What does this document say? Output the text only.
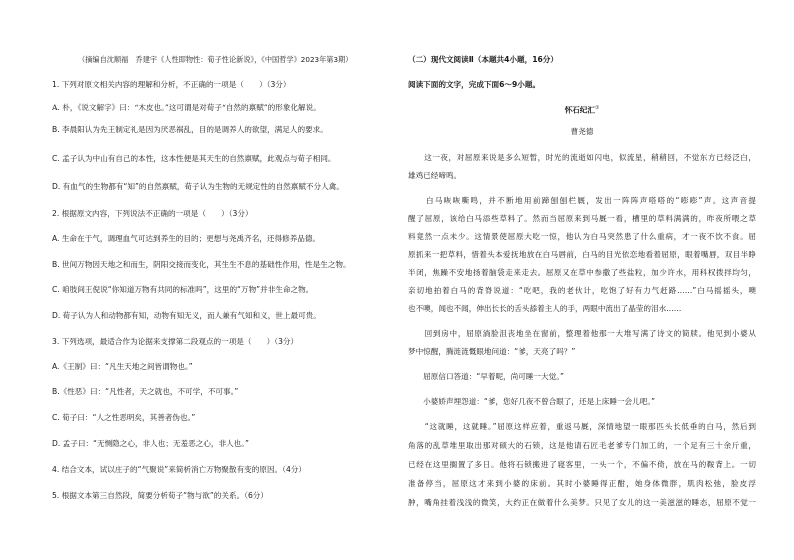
（摘编自沈顺福　乔建宇《人性即物性：荀子性论新说》，《中国哲学》2023年第3期）
1. 下列对原文相关内容的理解和分析，不正确的一项是（　　）（3分）
A. 朴，《说文解字》曰：“木皮也。”这可谓是对荀子“自然的禀赋”的形象化解说。
B. 李晨阳认为先王制定礼是因为厌恶祸乱，目的是调养人的欲望，满足人的要求。
C. 孟子认为中山有自己的本性，这本性便是其天生的自然禀赋，此观点与荀子相同。
D. 有血气的生物都有“知”的自然禀赋，荀子认为生物的无规定性的自然禀赋不分人禽。
2. 根据原文内容，下列说法不正确的一项是（　　）（3分）
A. 生命在于气，调理血气可达到养生的目的；更想与尧禹齐名，还得修养品德。
B. 世间万物因天地之和而生，阴阳交接而变化，其生生不息的基础性作用，性是生之物。
C. 咱肢间王倪说“你知道万物有共同的标准吗”，这里的“万物”并非生命之物。
D. 荀子认为人和动物都有知，动物有知无义，而人兼有气知和义，世上最可贵。
3. 下列选项，最适合作为论据来支撑第二段观点的一项是（　　）（3分）
A.《王制》曰：“凡生天地之间皆谓物也。”
B.《性恶》曰：“凡性者，天之就也，不可学，不可事。”
C. 荀子曰：“人之性恶明矣，其善者伪也。”
D. 孟子曰：“无恻隐之心，非人也；无羞恶之心，非人也。”
4. 结合文本，试以庄子的“气聚说”来简析消亡万物聚散有变的原因。（4分）
5. 根据文本第三自然段，简要分析荀子“物与欲”的关系。（6分）
（二）现代文阅读Ⅱ（本题共4小题，16分）
阅读下面的文字，完成下面6～9小题。
怀石纪汇①
曹尧德
　　这一夜，对屈原来说是多么短暂，时光的流逝如闪电，似流星，稍稍回，不觉东方已经泛白，
雄鸡已经啼鸣。
　　白马咴咴嘶鸣，并不断地用前蹄刨刨栏厩，发出一阵阵声嗒嗒的“嘭嘭”声。这声音提
醒了屈原，该给白马添些草料了。然而当屈原来到马厩一看，槽里的草料满满的，昨夜所喂之草
料竟然一点未少。这情景使屈原大吃一惊，他认为白马突然患了什么重病，才一夜不饮不食。屈
原抓来一把草料，惜着头本爱抚地放在白马唇前，白马的目光依恋地看着屈原，眼着嘴唇，双目半睁
半闭，焦躁不安地扬着脑袋走来走去。屈原又在草中参撒了些盐粒，加少许水，用科权拨拌均匀，
亲切地拍着白马的背脊说道：“吃吧，我的老伙计，吃饱了好有力气赶路……”白马摇摇头，噢
也不噢，闻也不闻，伸出长长的舌头舔着主人的手，两眼中流出了晶莹的泪水……
　　回到房中，屈原淌脸沮丧地坐在窗前，整理着他那一大堆写满了诗文的简牍。他见到小婆从
梦中惊醒，腾涟涟慨眼地问道：“爹，天亮了吗？”
　　屈原信口答道：“早着呢，尚可睡一大觉。”
　　小婆娇声埋怨道：“爹，您好几夜不曾合眼了，还是上床睡一会儿吧。”
　　“这就睡，这就睡。”屈原这样应着，重返马厩，深情地望一眼那匹头长低垂的白马，然后到
角落的乱草堆里取出那对硕大的石锁，这是他请石匠毛老爹专门加工的，一个足有三十余斤重，
已经在这里搁置了多日。他将石锁搬进了寝客里，一头一个，不偏不倚，放在马的鞍背上。一切
准备停当，屈原这才来到小婆的床前。其时小婆睡得正酣，她身体微胖，肌肉松弛，脸皮浮
肿，嘴角挂着浅浅的微笑，大约正在做着什么美梦。只见了女儿的这一美滋滋的睡态，屈原不觉一
